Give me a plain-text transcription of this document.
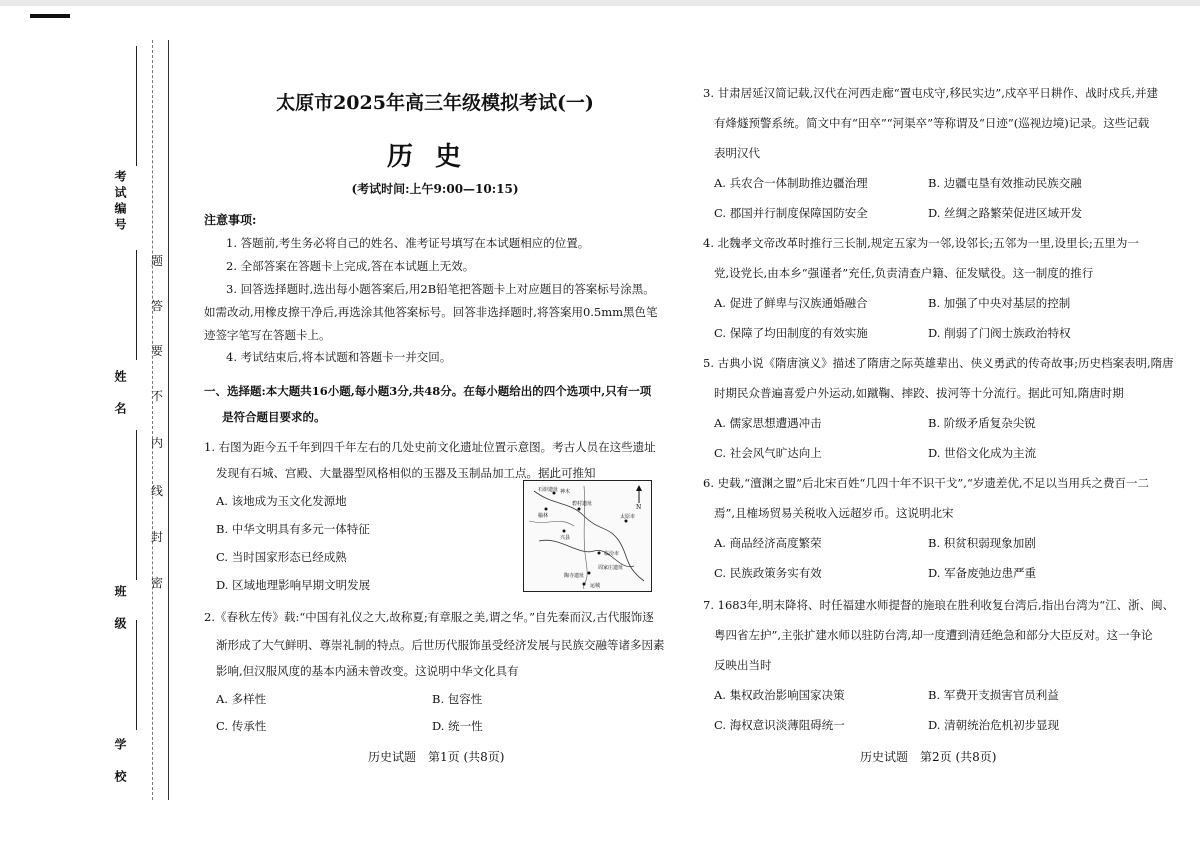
考试编号
姓　名
班　级
学　校
题
答
要
不
内
线
封
密
太原市2025年高三年级模拟考试(一)
历史
(考试时间:上午9:00—10:15)
注意事项:
1. 答题前,考生务必将自己的姓名、准考证号填写在本试题相应的位置。
2. 全部答案在答题卡上完成,答在本试题上无效。
3. 回答选择题时,选出每小题答案后,用2B铅笔把答题卡上对应题目的答案标号涂黑。
如需改动,用橡皮擦干净后,再选涂其他答案标号。回答非选择题时,将答案用0.5mm黑色笔
迹签字笔写在答题卡上。
4. 考试结束后,将本试题和答题卡一并交回。
一、选择题:本大题共16小题,每小题3分,共48分。在每小题给出的四个选项中,只有一项
是符合题目要求的。
1. 右图为距今五千年到四千年左右的几处史前文化遗址位置示意图。考古人员在这些遗址
发现有石城、宫殿、大量器型风格相似的玉器及玉制品加工点。据此可推知
A. 该地成为玉文化发源地
B. 中华文明具有多元一体特征
C. 当时国家形态已经成熟
D. 区域地理影响早期文明发展
N
石峁遗址 神木
榆林
碧村遗址
太原市
兴县
临汾市
陶寺遗址
周家庄遗址
运城
2.《春秋左传》载:“中国有礼仪之大,故称夏;有章服之美,谓之华。”自先秦而汉,古代服饰逐
渐形成了大气鲜明、尊崇礼制的特点。后世历代服饰虽受经济发展与民族交融等诸多因素
影响,但汉服风度的基本内涵未曾改变。这说明中华文化具有
A. 多样性	B. 包容性
C. 传承性	D. 统一性
历史试题　第1页 (共8页)
3. 甘肃居延汉简记载,汉代在河西走廊“置屯戍守,移民实边”,戍卒平日耕作、战时戍兵,并建
有烽燧预警系统。简文中有“田卒”“河渠卒”等称谓及“日迹”(巡视边境)记录。这些记载
表明汉代
A. 兵农合一体制助推边疆治理	B. 边疆屯垦有效推动民族交融
C. 郡国并行制度保障国防安全	D. 丝绸之路繁荣促进区域开发
4. 北魏孝文帝改革时推行三长制,规定五家为一邻,设邻长;五邻为一里,设里长;五里为一
党,设党长,由本乡“强谨者”充任,负责清查户籍、征发赋役。这一制度的推行
A. 促进了鲜卑与汉族通婚融合	B. 加强了中央对基层的控制
C. 保障了均田制度的有效实施	D. 削弱了门阀士族政治特权
5. 古典小说《隋唐演义》描述了隋唐之际英雄辈出、侠义勇武的传奇故事;历史档案表明,隋唐
时期民众普遍喜爱户外运动,如蹴鞠、摔跤、拔河等十分流行。据此可知,隋唐时期
A. 儒家思想遭遇冲击	B. 阶级矛盾复杂尖锐
C. 社会风气旷达向上	D. 世俗文化成为主流
6. 史载,“澶渊之盟”后北宋百姓“几四十年不识干戈”,“岁遗差优,不足以当用兵之费百一二
焉”,且榷场贸易关税收入远超岁币。这说明北宋
A. 商品经济高度繁荣	B. 积贫积弱现象加剧
C. 民族政策务实有效	D. 军备废弛边患严重
7. 1683年,明末降将、时任福建水师提督的施琅在胜利收复台湾后,指出台湾为“江、浙、闽、
粤四省左护”,主张扩建水师以驻防台湾,却一度遭到清廷绝急和部分大臣反对。这一争论
反映出当时
A. 集权政治影响国家决策	B. 军费开支损害官员利益
C. 海权意识淡薄阻碍统一	D. 清朝统治危机初步显现
历史试题　第2页 (共8页)
